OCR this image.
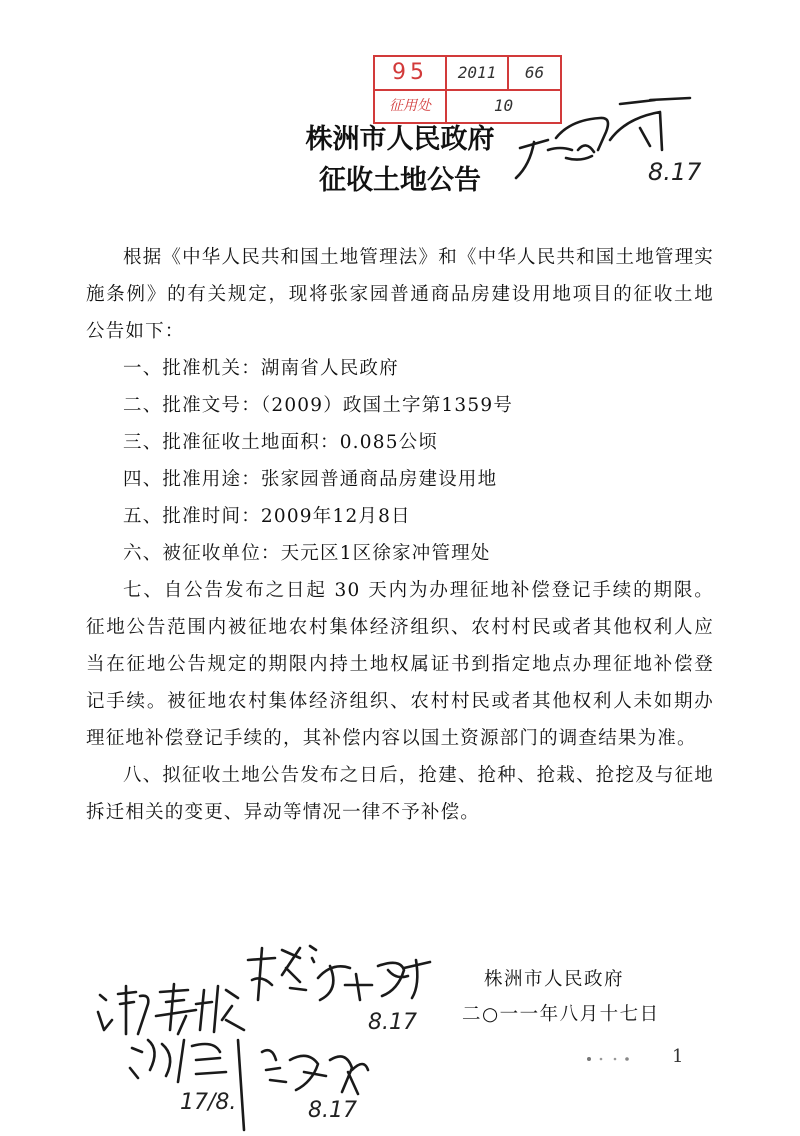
95	2011	66
征用处	10
株洲市人民政府
征收土地公告

根据《中华人民共和国土地管理法》和《中华人民共和国土地管理实施条例》的有关规定，现将张家园普通商品房建设用地项目的征收土地公告如下：

一、批准机关：湖南省人民政府

二、批准文号：（2009）政国土字第1359号

三、批准征收土地面积：0.085公顷

四、批准用途：张家园普通商品房建设用地

五、批准时间：2009年12月8日

六、被征收单位：天元区1区徐家冲管理处

七、自公告发布之日起 30 天内为办理征地补偿登记手续的期限。征地公告范围内被征地农村集体经济组织、农村村民或者其他权利人应当在征地公告规定的期限内持土地权属证书到指定地点办理征地补偿登记手续。被征地农村集体经济组织、农村村民或者其他权利人未如期办理征地补偿登记手续的，其补偿内容以国土资源部门的调查结果为准。

八、拟征收土地公告发布之日后，抢建、抢种、抢栽、抢挖及与征地拆迁相关的变更、异动等情况一律不予补偿。

株洲市人民政府
二○一一年八月十七日
1
8.17
8.17
17/8.	8.17
